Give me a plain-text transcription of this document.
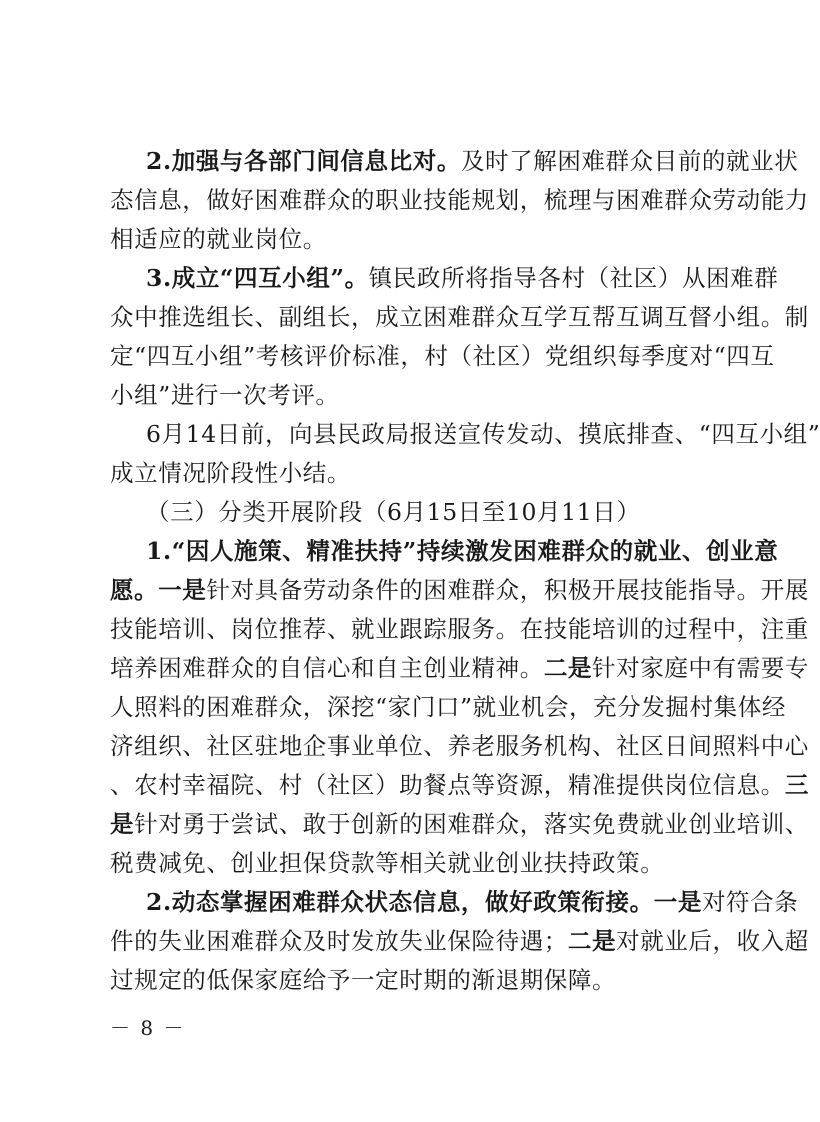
2.加强与各部门间信息比对。及时了解困难群众目前的就业状
态信息，做好困难群众的职业技能规划，梳理与困难群众劳动能力
相适应的就业岗位。
3.成立“四互小组”。镇民政所将指导各村（社区）从困难群
众中推选组长、副组长，成立困难群众互学互帮互调互督小组。制
定“四互小组”考核评价标准，村（社区）党组织每季度对“四互
小组”进行一次考评。
6月14日前，向县民政局报送宣传发动、摸底排查、“四互小组”
成立情况阶段性小结。
（三）分类开展阶段（6月15日至10月11日）
1.“因人施策、精准扶持”持续激发困难群众的就业、创业意
愿。一是针对具备劳动条件的困难群众，积极开展技能指导。开展
技能培训、岗位推荐、就业跟踪服务。在技能培训的过程中，注重
培养困难群众的自信心和自主创业精神。二是针对家庭中有需要专
人照料的困难群众，深挖“家门口”就业机会，充分发掘村集体经
济组织、社区驻地企事业单位、养老服务机构、社区日间照料中心
、农村幸福院、村（社区）助餐点等资源，精准提供岗位信息。三
是针对勇于尝试、敢于创新的困难群众，落实免费就业创业培训、
税费减免、创业担保贷款等相关就业创业扶持政策。
2.动态掌握困难群众状态信息，做好政策衔接。一是对符合条
件的失业困难群众及时发放失业保险待遇；二是对就业后，收入超
过规定的低保家庭给予一定时期的渐退期保障。
－ 8 －
